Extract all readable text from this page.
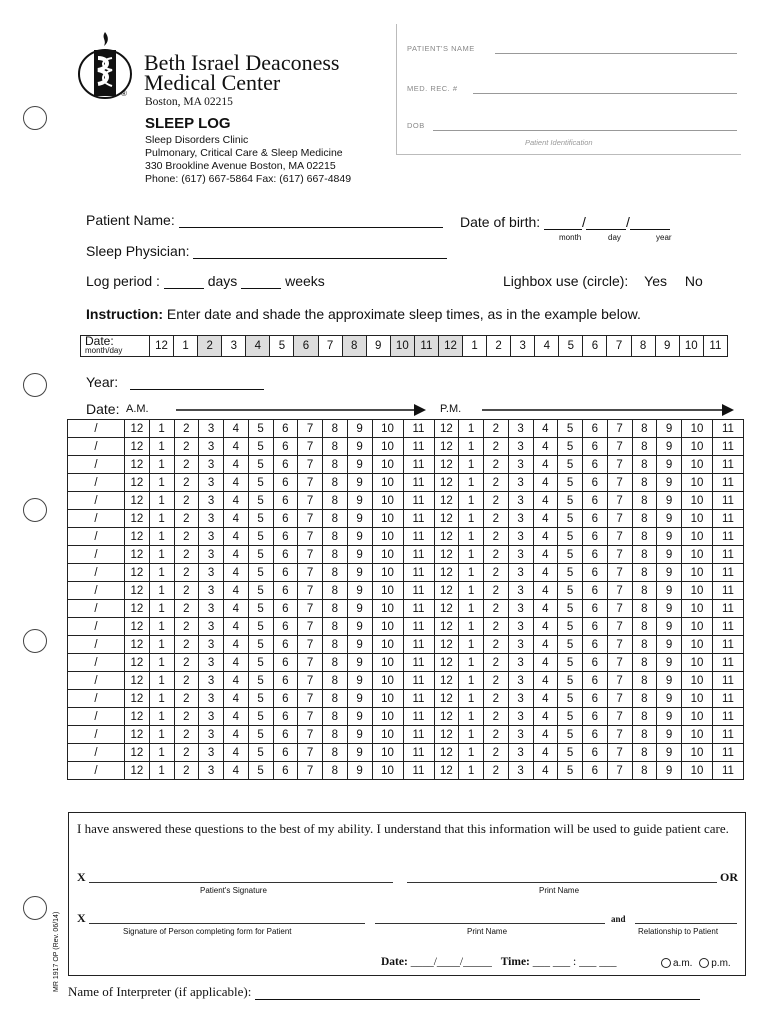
®
Beth Israel Deaconess
Medical Center
Boston, MA 02215
SLEEP LOG
Sleep Disorders Clinic
Pulmonary, Critical Care & Sleep Medicine
330 Brookline Avenue Boston, MA 02215
Phone: (617) 667-5864 Fax: (617) 667-4849
PATIENT'S NAME
MED. REC. #
DOB
Patient Identification
Patient Name:	Date of birth:	/	/
month	day	year
Sleep Physician:
Log period :	days	weeks	Lighbox use (circle): Yes No
Instruction: Enter date and shade the approximate sleep times, as in the example below.
Date:
month/day	12	1	2	3	4	5	6	7	8	9	10	11	12	1	2	3	4	5	6	7	8	9	10	11
Year:
Date: A.M.	P.M.
/	12	1	2	3	4	5	6	7	8	9	10	11	12	1	2	3	4	5	6	7	8	9	10	11
/	12	1	2	3	4	5	6	7	8	9	10	11	12	1	2	3	4	5	6	7	8	9	10	11
/	12	1	2	3	4	5	6	7	8	9	10	11	12	1	2	3	4	5	6	7	8	9	10	11
/	12	1	2	3	4	5	6	7	8	9	10	11	12	1	2	3	4	5	6	7	8	9	10	11
/	12	1	2	3	4	5	6	7	8	9	10	11	12	1	2	3	4	5	6	7	8	9	10	11
/	12	1	2	3	4	5	6	7	8	9	10	11	12	1	2	3	4	5	6	7	8	9	10	11
/	12	1	2	3	4	5	6	7	8	9	10	11	12	1	2	3	4	5	6	7	8	9	10	11
/	12	1	2	3	4	5	6	7	8	9	10	11	12	1	2	3	4	5	6	7	8	9	10	11
/	12	1	2	3	4	5	6	7	8	9	10	11	12	1	2	3	4	5	6	7	8	9	10	11
/	12	1	2	3	4	5	6	7	8	9	10	11	12	1	2	3	4	5	6	7	8	9	10	11
/	12	1	2	3	4	5	6	7	8	9	10	11	12	1	2	3	4	5	6	7	8	9	10	11
/	12	1	2	3	4	5	6	7	8	9	10	11	12	1	2	3	4	5	6	7	8	9	10	11
/	12	1	2	3	4	5	6	7	8	9	10	11	12	1	2	3	4	5	6	7	8	9	10	11
/	12	1	2	3	4	5	6	7	8	9	10	11	12	1	2	3	4	5	6	7	8	9	10	11
/	12	1	2	3	4	5	6	7	8	9	10	11	12	1	2	3	4	5	6	7	8	9	10	11
/	12	1	2	3	4	5	6	7	8	9	10	11	12	1	2	3	4	5	6	7	8	9	10	11
/	12	1	2	3	4	5	6	7	8	9	10	11	12	1	2	3	4	5	6	7	8	9	10	11
/	12	1	2	3	4	5	6	7	8	9	10	11	12	1	2	3	4	5	6	7	8	9	10	11
/	12	1	2	3	4	5	6	7	8	9	10	11	12	1	2	3	4	5	6	7	8	9	10	11
/	12	1	2	3	4	5	6	7	8	9	10	11	12	1	2	3	4	5	6	7	8	9	10	11
I have answered these questions to the best of my ability. I understand that this information will be used to guide patient care.
X	OR
Patient's Signature	Print Name
X	and
Signature of Person completing form for Patient	Print Name	Relationship to Patient
Date: ____/____/_____ Time: ___ ___ : ___ ___	a.m. p.m.
MR 1917 OP (Rev. 06/14) Name of Interpreter (if applicable):
